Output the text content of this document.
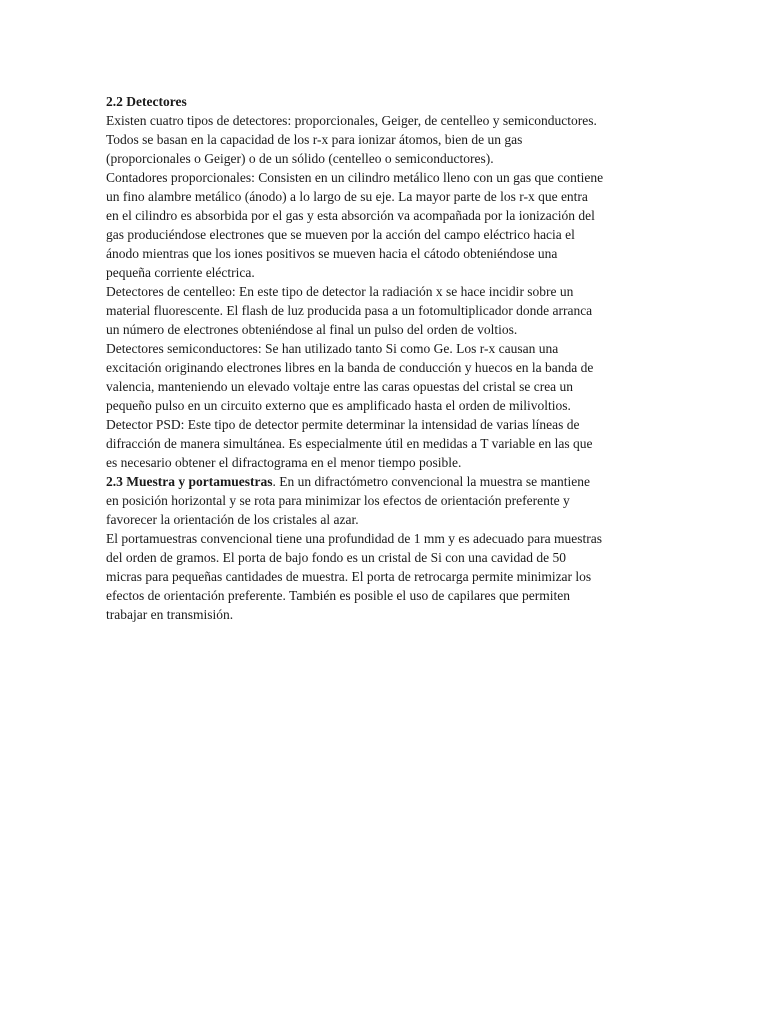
2.2 Detectores
Existen cuatro tipos de detectores: proporcionales, Geiger, de centelleo y semiconductores.
Todos se basan en la capacidad de los r-x para ionizar átomos, bien de un gas
(proporcionales o Geiger) o de un sólido (centelleo o semiconductores).
Contadores proporcionales: Consisten en un cilindro metálico lleno con un gas que contiene
un fino alambre metálico (ánodo) a lo largo de su eje. La mayor parte de los r-x que entra
en el cilindro es absorbida por el gas y esta absorción va acompañada por la ionización del
gas produciéndose electrones que se mueven por la acción del campo eléctrico hacia el
ánodo mientras que los iones positivos se mueven hacia el cátodo obteniéndose una
pequeña corriente eléctrica.
Detectores de centelleo: En este tipo de detector la radiación x se hace incidir sobre un
material fluorescente. El flash de luz producida pasa a un fotomultiplicador donde arranca
un número de electrones obteniéndose al final un pulso del orden de voltios.
Detectores semiconductores: Se han utilizado tanto Si como Ge. Los r-x causan una
excitación originando electrones libres en la banda de conducción y huecos en la banda de
valencia, manteniendo un elevado voltaje entre las caras opuestas del cristal se crea un
pequeño pulso en un circuito externo que es amplificado hasta el orden de milivoltios.
Detector PSD: Este tipo de detector permite determinar la intensidad de varias líneas de
difracción de manera simultánea. Es especialmente útil en medidas a T variable en las que
es necesario obtener el difractograma en el menor tiempo posible.
2.3 Muestra y portamuestras. En un difractómetro convencional la muestra se mantiene
en posición horizontal y se rota para minimizar los efectos de orientación preferente y
favorecer la orientación de los cristales al azar.
El portamuestras convencional tiene una profundidad de 1 mm y es adecuado para muestras
del orden de gramos. El porta de bajo fondo es un cristal de Si con una cavidad de 50
micras para pequeñas cantidades de muestra. El porta de retrocarga permite minimizar los
efectos de orientación preferente. También es posible el uso de capilares que permiten
trabajar en transmisión.
